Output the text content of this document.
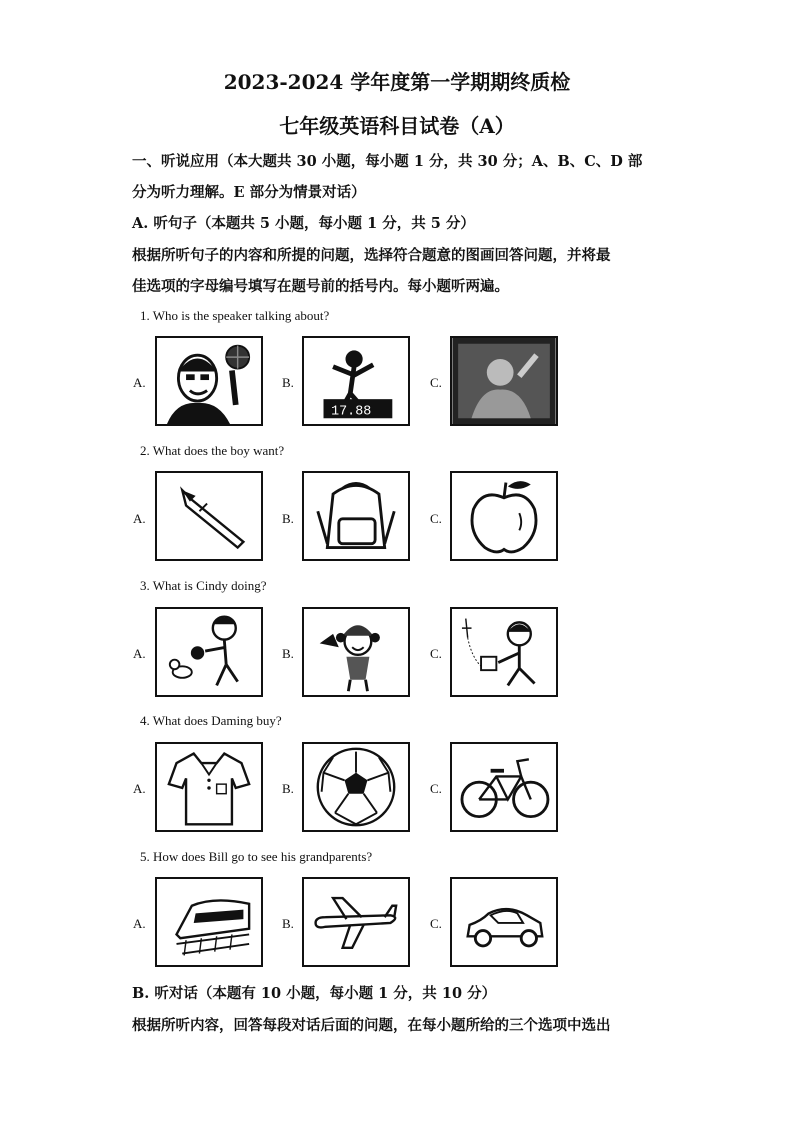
2023-2024 学年度第一学期期终质检
七年级英语科目试卷（A）
一、听说应用（本大题共 30 小题，每小题 1 分，共 30 分；A、B、C、D 部
分为听力理解。E 部分为情景对话）
A. 听句子（本题共 5 小题，每小题 1 分，共 5 分）
根据所听句子的内容和所提的问题，选择符合题意的图画回答问题，并将最
佳选项的字母编号填写在题号前的括号内。每小题听两遍。
1. Who is the speaker talking about?
A.	B.	C.
17.88
2. What does the boy want?
A.	B.	C.
3. What is Cindy doing?
A.	B.	C.
4. What does Daming buy?
A.	B.	C.
5. How does Bill go to see his grandparents?
A.	B.	C.
B. 听对话（本题有 10 小题，每小题 1 分，共 10 分）
根据所听内容，回答每段对话后面的问题，在每小题所给的三个选项中选出
